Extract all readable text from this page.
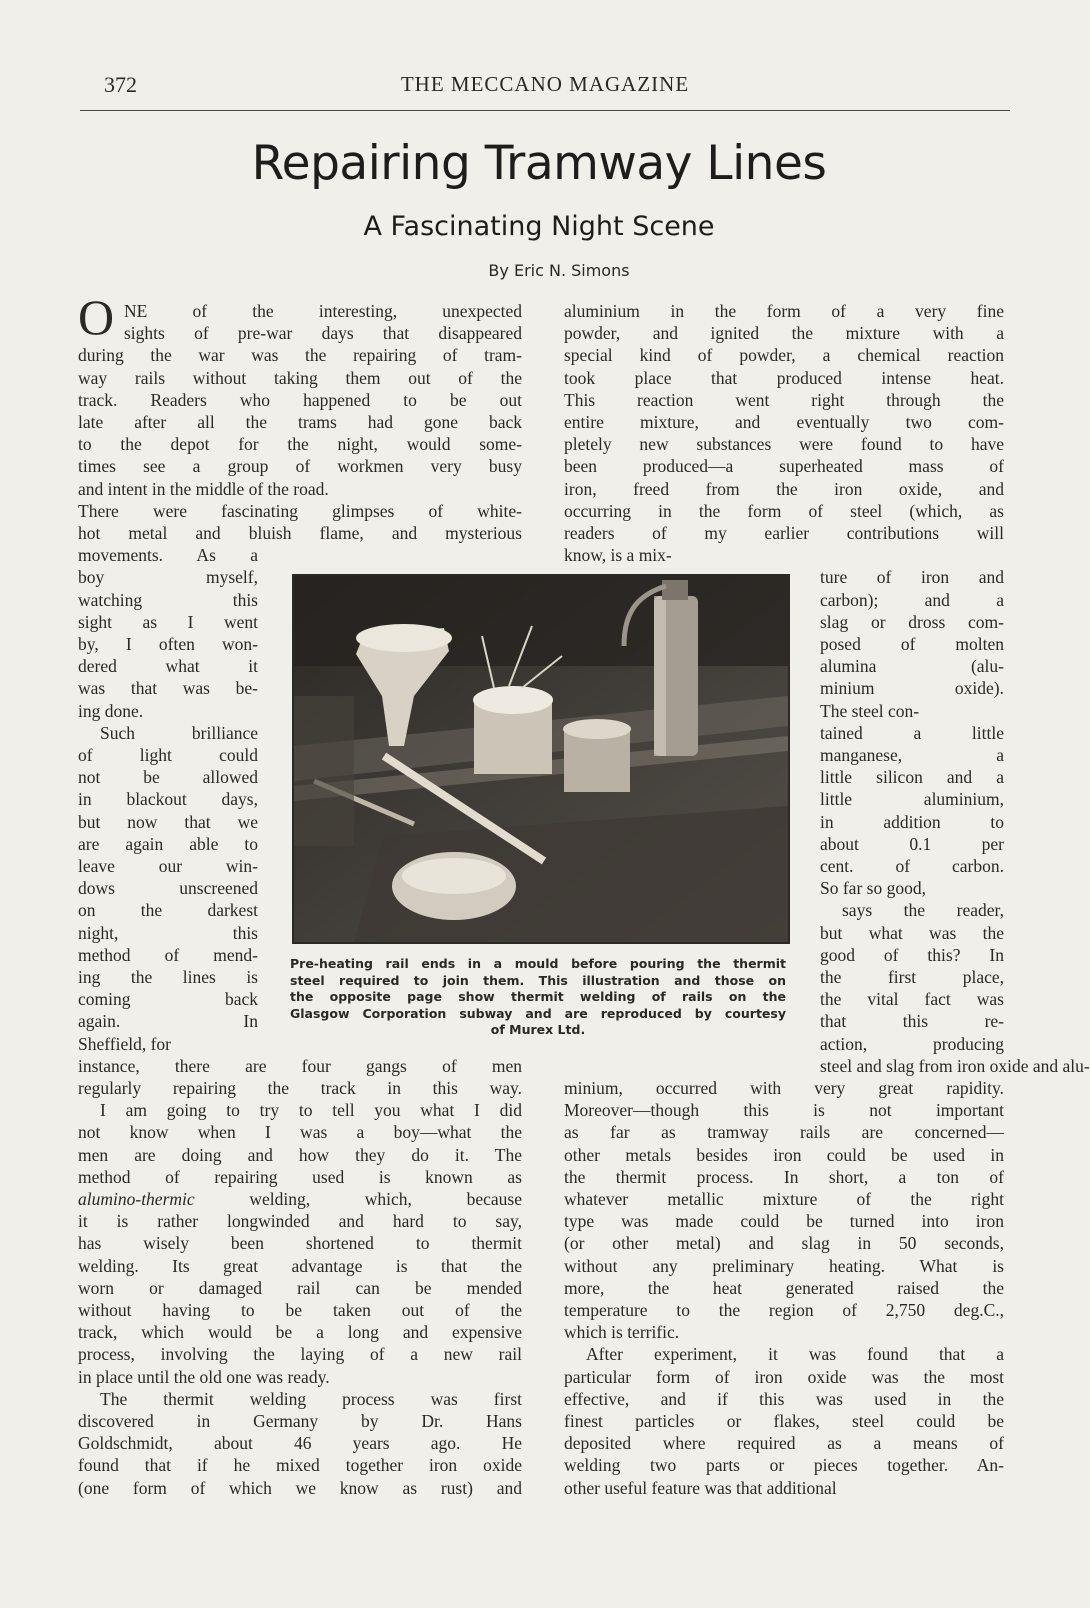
372	THE MECCANO MAGAZINE
Repairing Tramway Lines
A Fascinating Night Scene
By Eric N. Simons
O NE of the interesting, unexpected
sights of pre-war days that disappeared
during the war was the repairing of tram-
way rails without taking them out of the
track. Readers who happened to be out
late after all the trams had gone back
to the depot for the night, would some-
times see a group of workmen very busy
and intent in the middle of the road.
There were fascinating glimpses of white-
hot metal and bluish flame, and mysterious
movements. As a
boy myself,
watching this
sight as I went
by, I often won-
dered what it
was that was be-
ing done.
Such brilliance
of light could
not be allowed
in blackout days,
but now that we
are again able to
leave our win-
dows unscreened
on the darkest
night, this
method of mend-
ing the lines is
coming back
again. In
Sheffield, for
instance, there are four gangs of men
regularly repairing the track in this way.
I am going to try to tell you what I did
not know when I was a boy—what the
men are doing and how they do it. The
method of repairing used is known as
alumino-thermic welding, which, because
it is rather longwinded and hard to say,
has wisely been shortened to thermit
welding. Its great advantage is that the
worn or damaged rail can be mended
without having to be taken out of the
track, which would be a long and expensive
process, involving the laying of a new rail
in place until the old one was ready.
The thermit welding process was first
discovered in Germany by Dr. Hans
Goldschmidt, about 46 years ago. He
found that if he mixed together iron oxide
(one form of which we know as rust) and
aluminium in the form of a very fine
powder, and ignited the mixture with a
special kind of powder, a chemical reaction
took place that produced intense heat.
This reaction went right through the
entire mixture, and eventually two com-
pletely new substances were found to have
been produced—a superheated mass of
iron, freed from the iron oxide, and
occurring in the form of steel (which, as
readers of my earlier contributions will
know, is a mix-
ture of iron and
carbon); and a
slag or dross com-
posed of molten
alumina (alu-
minium oxide).
The steel con-
tained a little
manganese, a
little silicon and a
little aluminium,
in addition to
about 0.1 per
cent. of carbon.
So far so good,
says the reader,
but what was the
good of this? In
the first place,
the vital fact was
that this re-
action, producing
steel and slag from iron oxide and alu-
minium, occurred with very great rapidity.
Moreover—though this is not important
as far as tramway rails are concerned—
other metals besides iron could be used in
the thermit process. In short, a ton of
whatever metallic mixture of the right
type was made could be turned into iron
(or other metal) and slag in 50 seconds,
without any preliminary heating. What is
more, the heat generated raised the
temperature to the region of 2,750 deg.C.,
which is terrific.
After experiment, it was found that a
particular form of iron oxide was the most
effective, and if this was used in the
finest particles or flakes, steel could be
deposited where required as a means of
welding two parts or pieces together. An-
other useful feature was that additional
Pre-heating rail ends in a mould before pouring the thermit
steel required to join them. This illustration and those on
the opposite page show thermit welding of rails on the
Glasgow Corporation subway and are reproduced by courtesy
of Murex Ltd.
